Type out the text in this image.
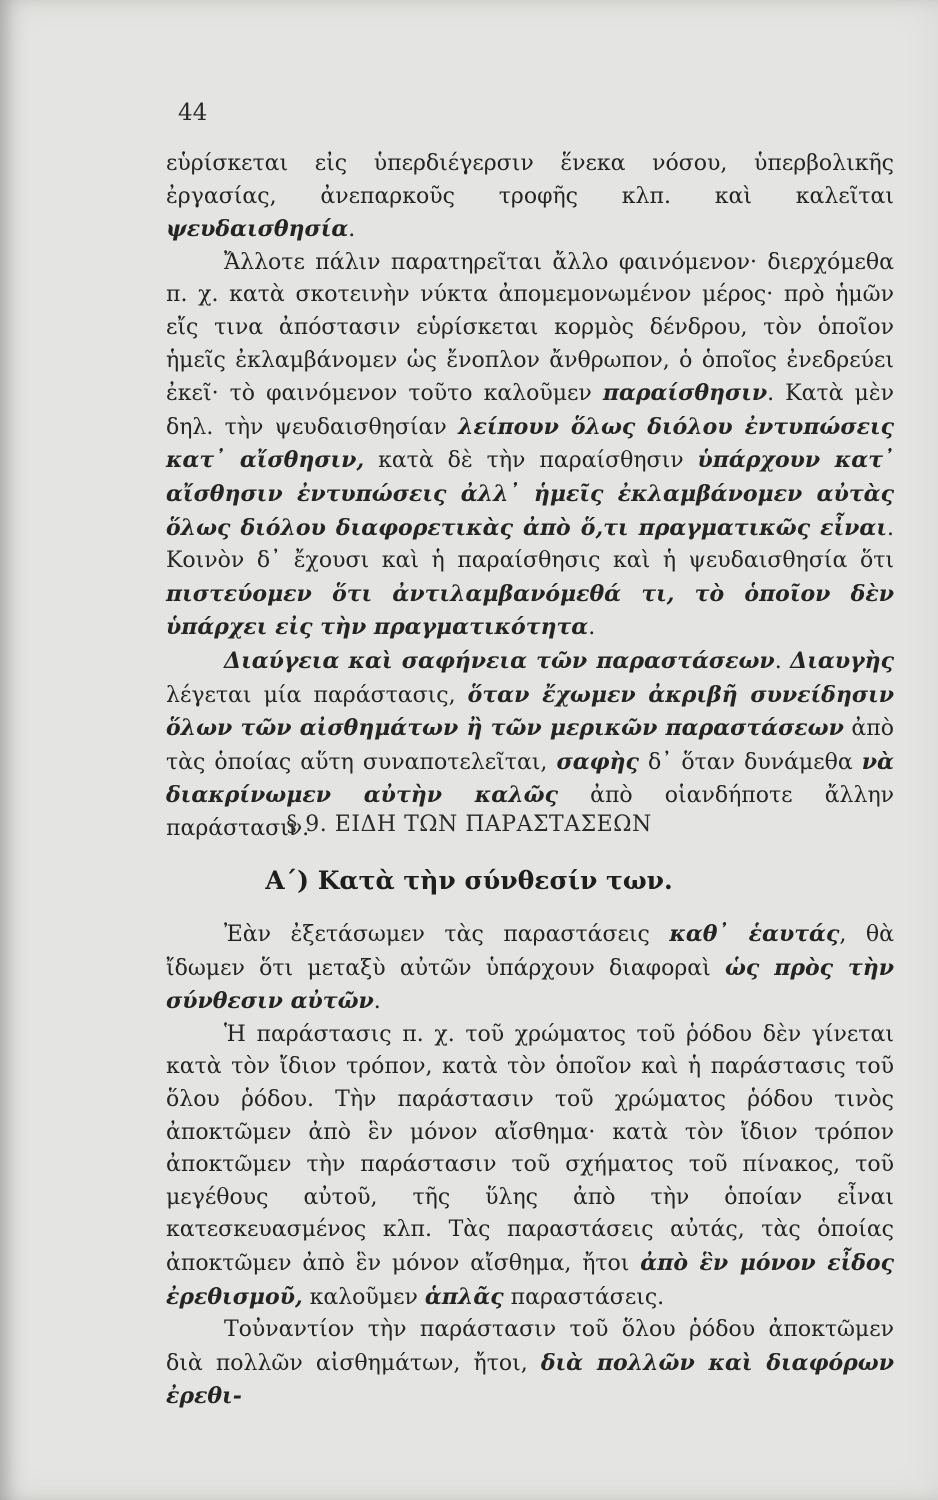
44

εὑρίσκεται εἰς ὑπερδιέγερσιν ἕνεκα νόσου, ὑπερβολικῆς ἐργασίας, ἀνεπαρκοῦς τροφῆς κλπ. καὶ καλεῖται ψευδαισθησία.

Ἄλλοτε πάλιν παρατηρεῖται ἄλλο φαινόμενον· διερχόμεθα π. χ. κατὰ σκοτεινὴν νύκτα ἀπομεμονωμένον μέρος· πρὸ ἡμῶν εἴς τινα ἀπόστασιν εὑρίσκεται κορμὸς δένδρου, τὸν ὁποῖον ἡμεῖς ἐκλαμβάνομεν ὡς ἔνοπλον ἄνθρωπον, ὁ ὁποῖος ἐνεδρεύει ἐκεῖ· τὸ φαινόμενον τοῦτο καλοῦμεν παραίσθησιν. Κατὰ μὲν δηλ. τὴν ψευδαισθησίαν λείπουν ὅλως διόλου ἐντυπώσεις κατ᾿ αἴσθησιν, κατὰ δὲ τὴν παραίσθησιν ὑπάρχουν κατ᾿ αἴσθησιν ἐντυπώσεις ἀλλ᾿ ἡμεῖς ἐκλαμβάνομεν αὐτὰς ὅλως διόλου διαφορετικὰς ἀπὸ ὅ,τι πραγματικῶς εἶναι. Κοινὸν δ᾿ ἔχουσι καὶ ἡ παραίσθησις καὶ ἡ ψευδαισθησία ὅτι πιστεύομεν ὅτι ἀντιλαμβανόμεθά τι, τὸ ὁποῖον δὲν ὑπάρχει εἰς τὴν πραγματικότητα.

Διαύγεια καὶ σαφήνεια τῶν παραστάσεων. Διαυγὴς λέγεται μία παράστασις, ὅταν ἔχωμεν ἀκριβῆ συνείδησιν ὅλων τῶν αἰσθημάτων ἢ τῶν μερικῶν παραστάσεων ἀπὸ τὰς ὁποίας αὕτη συναποτελεῖται, σαφὴς δ᾿ ὅταν δυνάμεθα νὰ διακρίνωμεν αὐτὴν καλῶς ἀπὸ οἱανδήποτε ἄλλην παράστασιν.

§ 9. ΕΙΔΗ ΤΩΝ ΠΑΡΑΣΤΑΣΕΩΝ
Α΄) Κατὰ τὴν σύνθεσίν των.

Ἐὰν ἐξετάσωμεν τὰς παραστάσεις καθ᾿ ἑαυτάς, θὰ ἴδωμεν ὅτι μεταξὺ αὐτῶν ὑπάρχουν διαφοραὶ ὡς πρὸς τὴν σύνθεσιν αὐτῶν.

Ἡ παράστασις π. χ. τοῦ χρώματος τοῦ ῥόδου δὲν γίνεται κατὰ τὸν ἴδιον τρόπον, κατὰ τὸν ὁποῖον καὶ ἡ παράστασις τοῦ ὅλου ῥόδου. Τὴν παράστασιν τοῦ χρώματος ῥόδου τινὸς ἀποκτῶμεν ἀπὸ ἓν μόνον αἴσθημα· κατὰ τὸν ἴδιον τρόπον ἀποκτῶμεν τὴν παράστασιν τοῦ σχήματος τοῦ πίνακος, τοῦ μεγέθους αὐτοῦ, τῆς ὕλης ἀπὸ τὴν ὁποίαν εἶναι κατεσκευασμένος κλπ. Τὰς παραστάσεις αὐτάς, τὰς ὁποίας ἀποκτῶμεν ἀπὸ ἓν μόνον αἴσθημα, ἤτοι ἀπὸ ἓν μόνον εἶδος ἐρεθισμοῦ, καλοῦμεν ἁπλᾶς παραστάσεις.

Τοὐναντίον τὴν παράστασιν τοῦ ὅλου ῥόδου ἀποκτῶμεν διὰ πολλῶν αἰσθημάτων, ἤτοι, διὰ πολλῶν καὶ διαφόρων ἐρεθι-
